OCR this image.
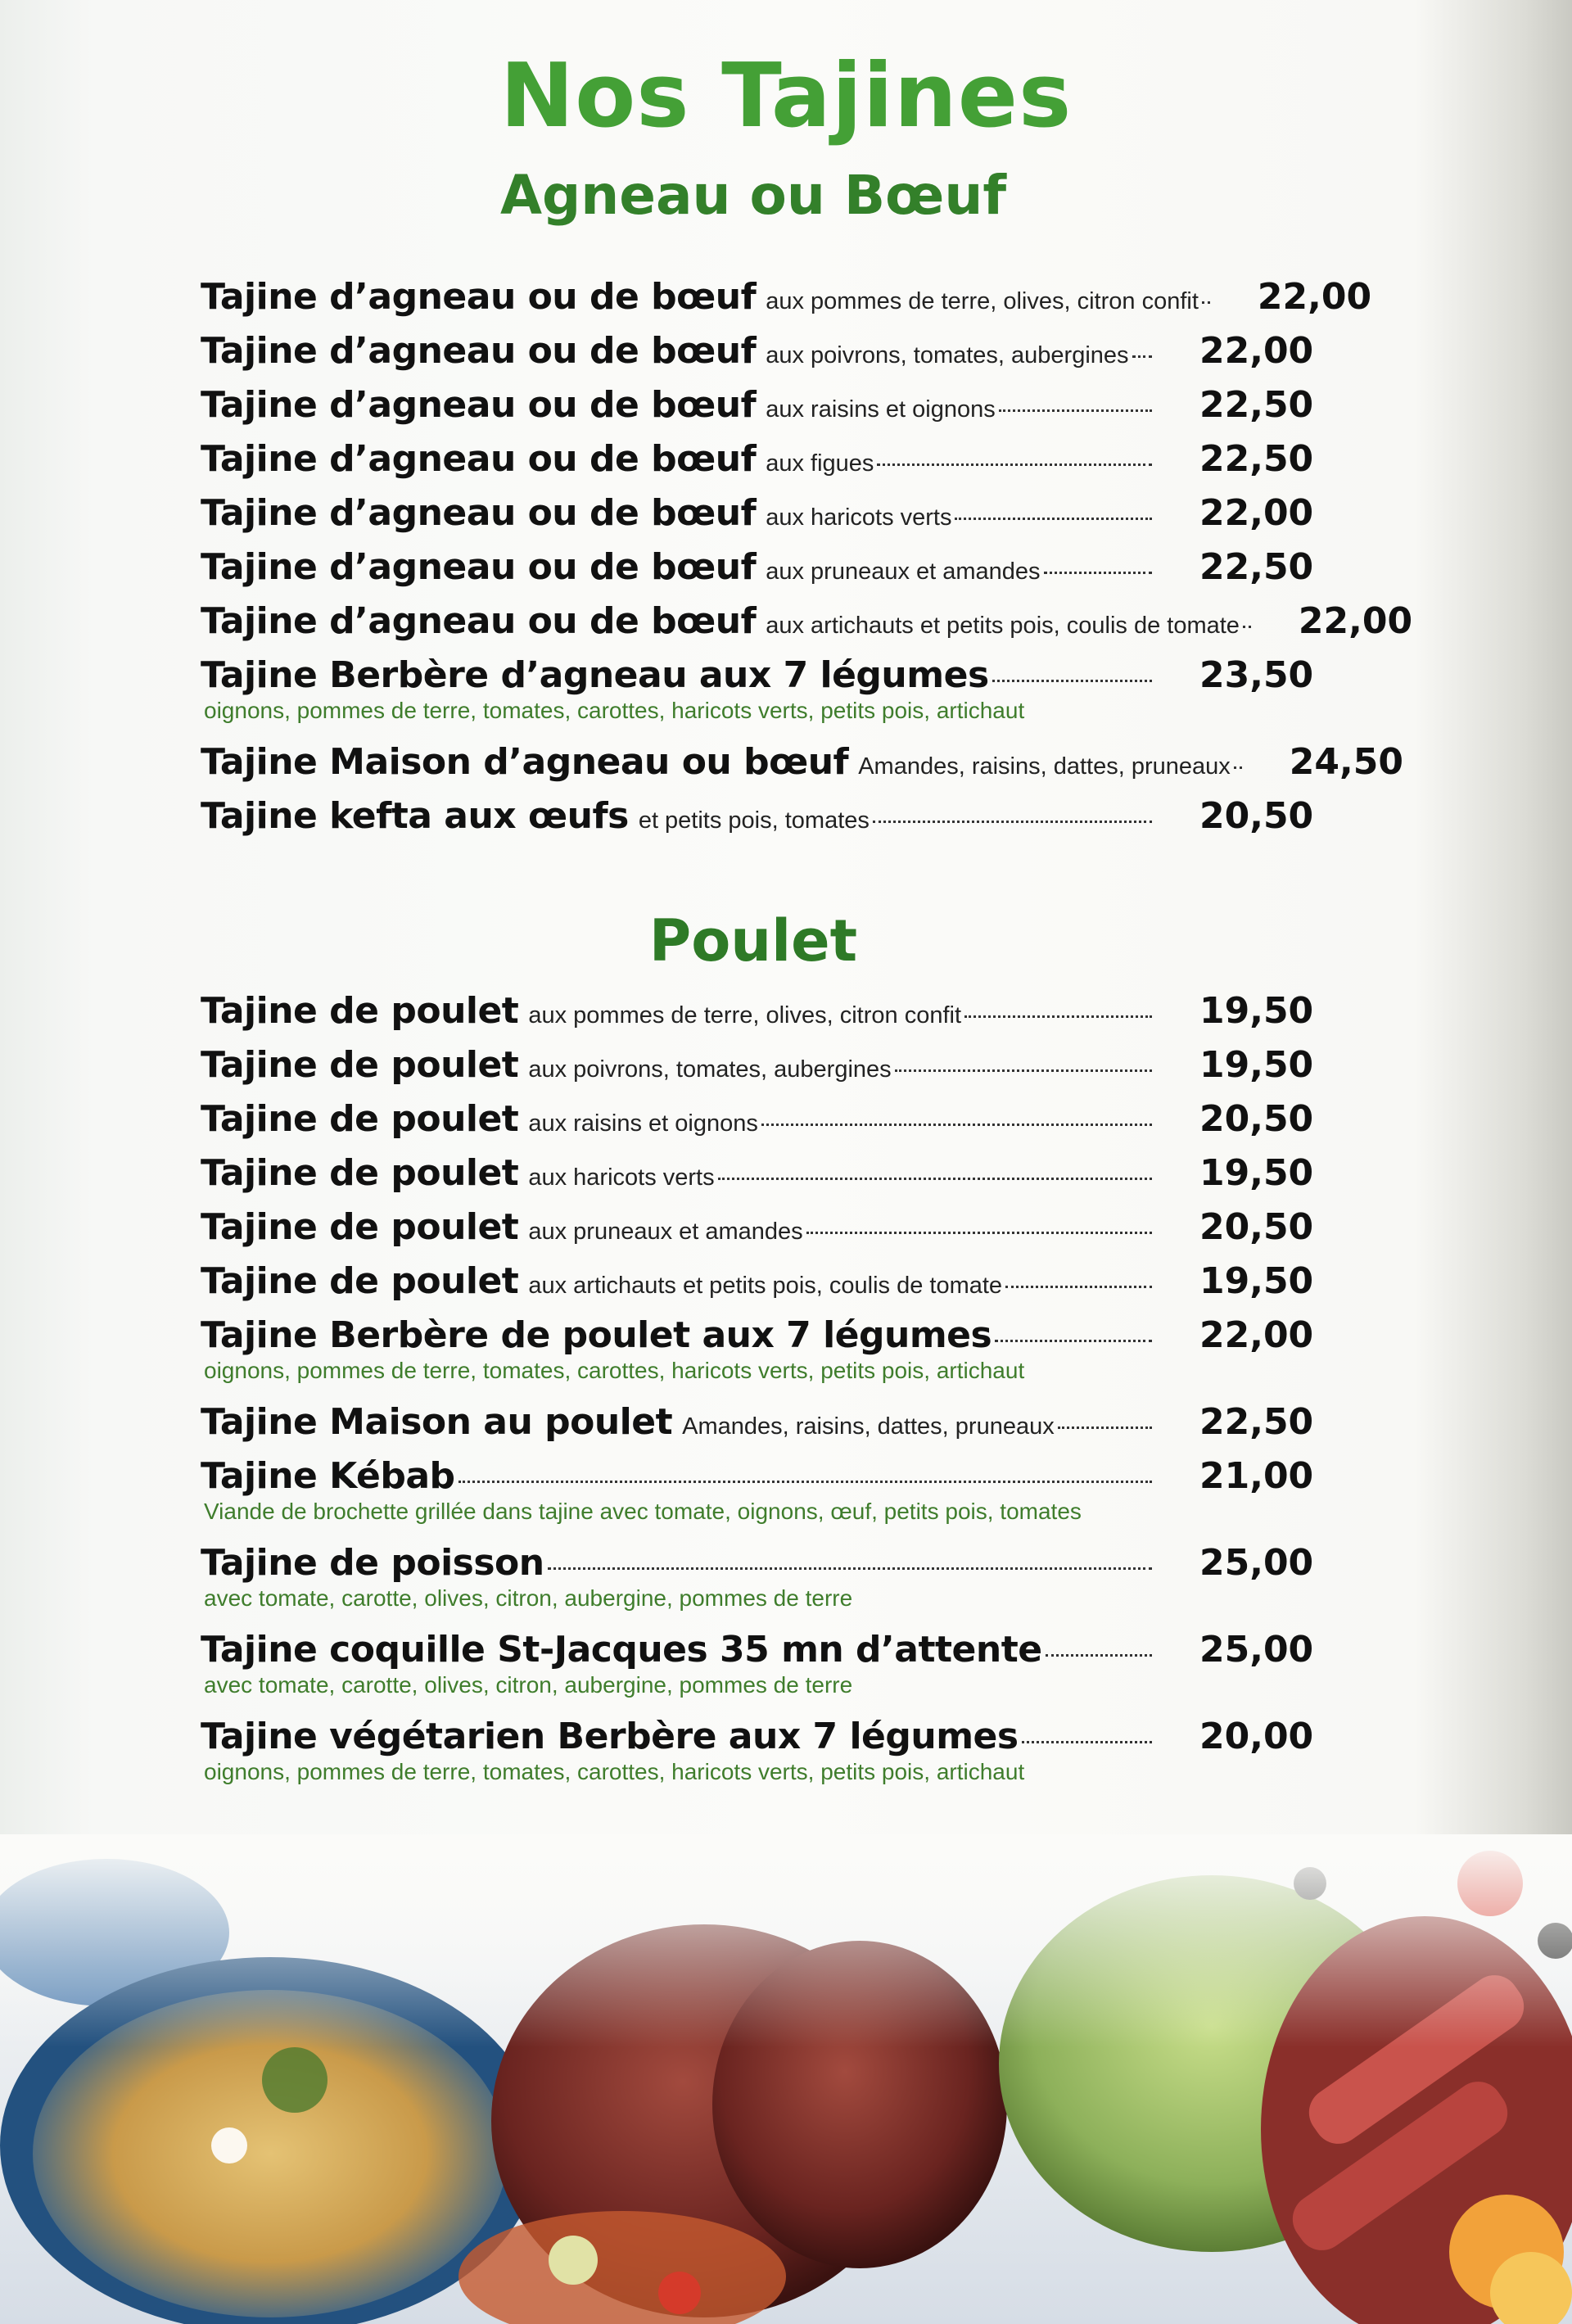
Nos Tajines
Agneau ou Bœuf
Tajine d’agneau ou de bœuf aux pommes de terre, olives, citron confit 22,00
Tajine d’agneau ou de bœuf aux poivrons, tomates, aubergines 22,00
Tajine d’agneau ou de bœuf aux raisins et oignons	22,50
Tajine d’agneau ou de bœuf aux figues	22,50
Tajine d’agneau ou de bœuf aux haricots verts	22,00
Tajine d’agneau ou de bœuf aux pruneaux et amandes	22,50
Tajine d’agneau ou de bœuf aux artichauts et petits pois, coulis de tomate 22,00
Tajine Berbère d’agneau aux 7 légumes	23,50
oignons, pommes de terre, tomates, carottes, haricots verts, petits pois, artichaut
Tajine Maison d’agneau ou bœuf Amandes, raisins, dattes, pruneaux 24,50
Tajine kefta aux œufs et petits pois, tomates	20,50
Poulet
Tajine de poulet aux pommes de terre, olives, citron confit	19,50
Tajine de poulet aux poivrons, tomates, aubergines	19,50
Tajine de poulet aux raisins et oignons	20,50
Tajine de poulet aux haricots verts	19,50
Tajine de poulet aux pruneaux et amandes	20,50
Tajine de poulet aux artichauts et petits pois, coulis de tomate	19,50
Tajine Berbère de poulet aux 7 légumes	22,00
oignons, pommes de terre, tomates, carottes, haricots verts, petits pois, artichaut
Tajine Maison au poulet Amandes, raisins, dattes, pruneaux	22,50
Tajine Kébab	21,00
Viande de brochette grillée dans tajine avec tomate, oignons, œuf, petits pois, tomates
Tajine de poisson	25,00
avec tomate, carotte, olives, citron, aubergine, pommes de terre
Tajine coquille St-Jacques 35 mn d’attente	25,00
avec tomate, carotte, olives, citron, aubergine, pommes de terre
Tajine végétarien Berbère aux 7 légumes	20,00
oignons, pommes de terre, tomates, carottes, haricots verts, petits pois, artichaut
